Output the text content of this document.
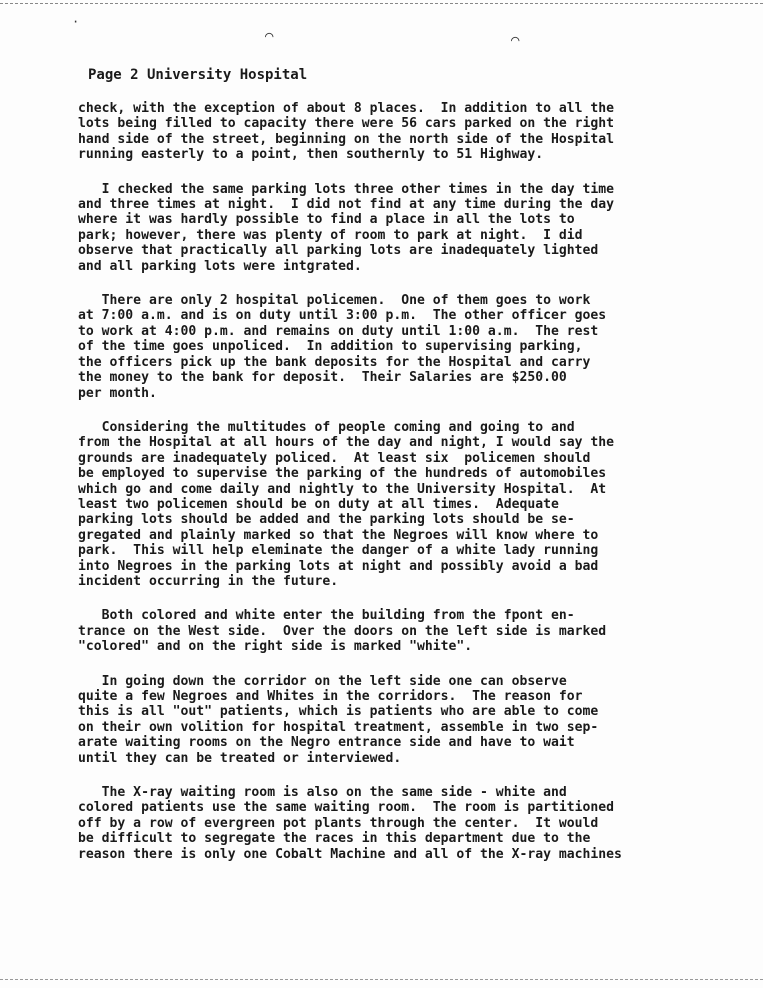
·
⌒	⌒
Page 2 University Hospital
check, with the exception of about 8 places.  In addition to all the
lots being filled to capacity there were 56 cars parked on the right
hand side of the street, beginning on the north side of the Hospital
running easterly to a point, then southernly to 51 Highway.
I checked the same parking lots three other times in the day time
and three times at night.  I did not find at any time during the day
where it was hardly possible to find a place in all the lots to
park; however, there was plenty of room to park at night.  I did
observe that practically all parking lots are inadequately lighted
and all parking lots were intgrated.
There are only 2 hospital policemen.  One of them goes to work
at 7:00 a.m. and is on duty until 3:00 p.m.  The other officer goes
to work at 4:00 p.m. and remains on duty until 1:00 a.m.  The rest
of the time goes unpoliced.  In addition to supervising parking,
the officers pick up the bank deposits for the Hospital and carry
the money to the bank for deposit.  Their Salaries are $250.00
per month.
Considering the multitudes of people coming and going to and
from the Hospital at all hours of the day and night, I would say the
grounds are inadequately policed.  At least six  policemen should
be employed to supervise the parking of the hundreds of automobiles
which go and come daily and nightly to the University Hospital.  At
least two policemen should be on duty at all times.  Adequate
parking lots should be added and the parking lots should be se-
gregated and plainly marked so that the Negroes will know where to
park.  This will help eleminate the danger of a white lady running
into Negroes in the parking lots at night and possibly avoid a bad
incident occurring in the future.
Both colored and white enter the building from the fpont en-
trance on the West side.  Over the doors on the left side is marked
"colored" and on the right side is marked "white".
In going down the corridor on the left side one can observe
quite a few Negroes and Whites in the corridors.  The reason for
this is all "out" patients, which is patients who are able to come
on their own volition for hospital treatment, assemble in two sep-
arate waiting rooms on the Negro entrance side and have to wait
until they can be treated or interviewed.
The X-ray waiting room is also on the same side - white and
colored patients use the same waiting room.  The room is partitioned
off by a row of evergreen pot plants through the center.  It would
be difficult to segregate the races in this department due to the
reason there is only one Cobalt Machine and all of the X-ray machines
